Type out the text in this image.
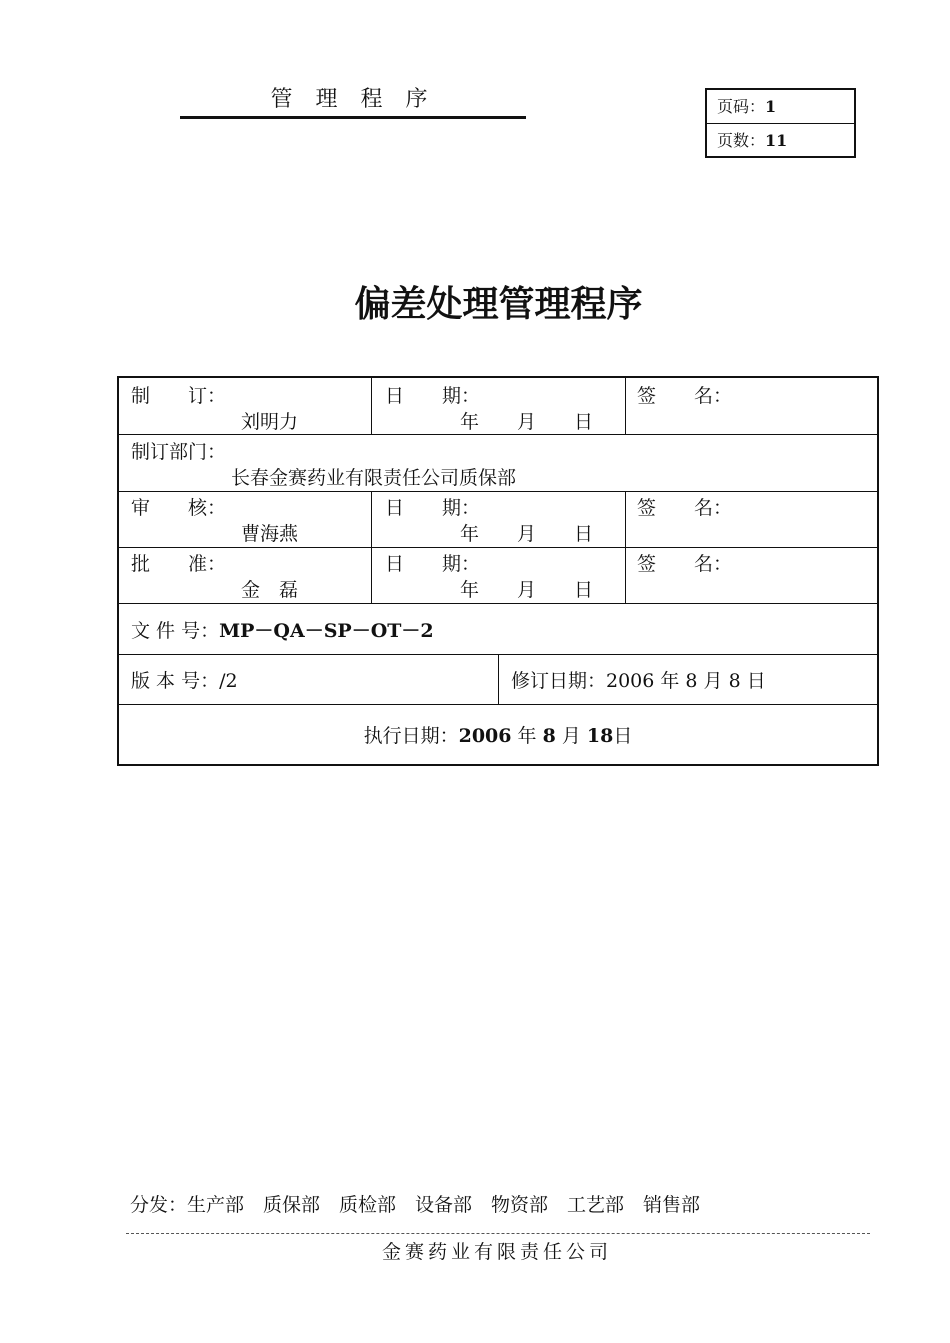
管 理 程 序	页码：1
页数：11
偏差处理管理程序
制　　订：
刘明力
日　　期：
年　　月　　日
签　　名：
制订部门：
长春金赛药业有限责任公司质保部
审　　核：
曹海燕
日　　期：
年　　月　　日
签　　名：
批　　准：
金　磊
日　　期：
年　　月　　日
签　　名：
文 件 号：MP－QA－SP－OT－2
版 本 号：/2	修订日期：2006 年 8 月 8 日
执行日期：2006 年 8 月 18日
分发：生产部　质保部　质检部　设备部　物资部　工艺部　销售部
金赛药业有限责任公司
